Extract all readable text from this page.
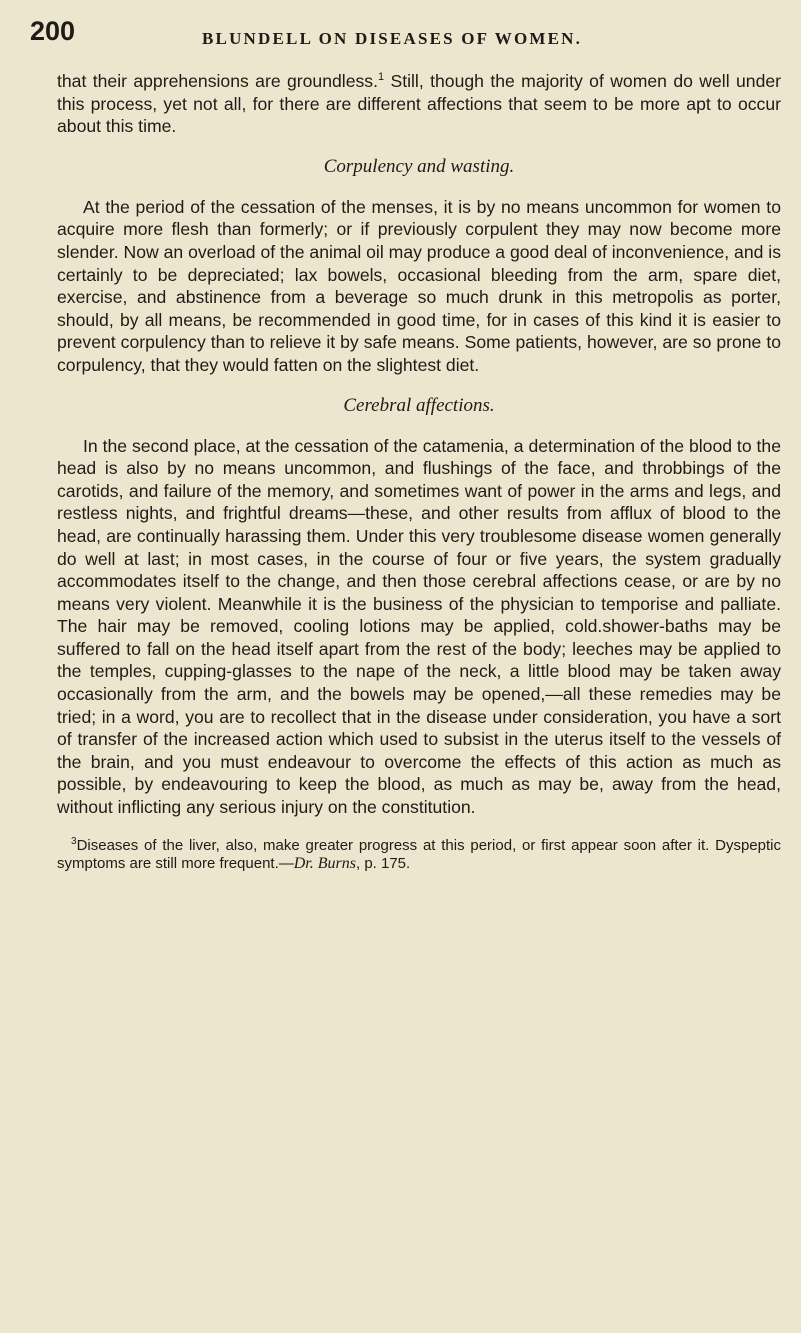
200	BLUNDELL ON DISEASES OF WOMEN.

that their apprehensions are groundless.$^1$ Still, though the majority of women do well under this process, yet not all, for there are different affections that seem to be more apt to occur about this time.

Corpulency and wasting.

At the period of the cessation of the menses, it is by no means uncommon for women to acquire more flesh than formerly; or if previously corpulent they may now become more slender. Now an overload of the animal oil may produce a good deal of inconvenience, and is certainly to be depreciated; lax bowels, occasional bleeding from the arm, spare diet, exercise, and abstinence from a beverage so much drunk in this metropolis as porter, should, by all means, be recommended in good time, for in cases of this kind it is easier to prevent corpulency than to relieve it by safe means. Some patients, however, are so prone to corpulency, that they would fatten on the slightest diet.

Cerebral affections.

In the second place, at the cessation of the catamenia, a determination of the blood to the head is also by no means uncommon, and flushings of the face, and throbbings of the carotids, and failure of the memory, and sometimes want of power in the arms and legs, and restless nights, and frightful dreams—these, and other results from afflux of blood to the head, are continually harassing them. Under this very troublesome disease women generally do well at last; in most cases, in the course of four or five years, the system gradually accommodates itself to the change, and then those cerebral affections cease, or are by no means very violent. Meanwhile it is the business of the physician to temporise and palliate. The hair may be removed, cooling lotions may be applied, cold.shower-baths may be suffered to fall on the head itself apart from the rest of the body; leeches may be applied to the temples, cupping-glasses to the nape of the neck, a little blood may be taken away occasionally from the arm, and the bowels may be opened,—all these remedies may be tried; in a word, you are to recollect that in the disease under consideration, you have a sort of transfer of the increased action which used to subsist in the uterus itself to the vessels of the brain, and you must endeavour to overcome the effects of this action as much as possible, by endeavouring to keep the blood, as much as may be, away from the head, without inflicting any serious injury on the constitution.

$^3$Diseases of the liver, also, make greater progress at this period, or first appear soon after it. Dyspeptic symptoms are still more frequent.—Dr. Burns, p. 175.
